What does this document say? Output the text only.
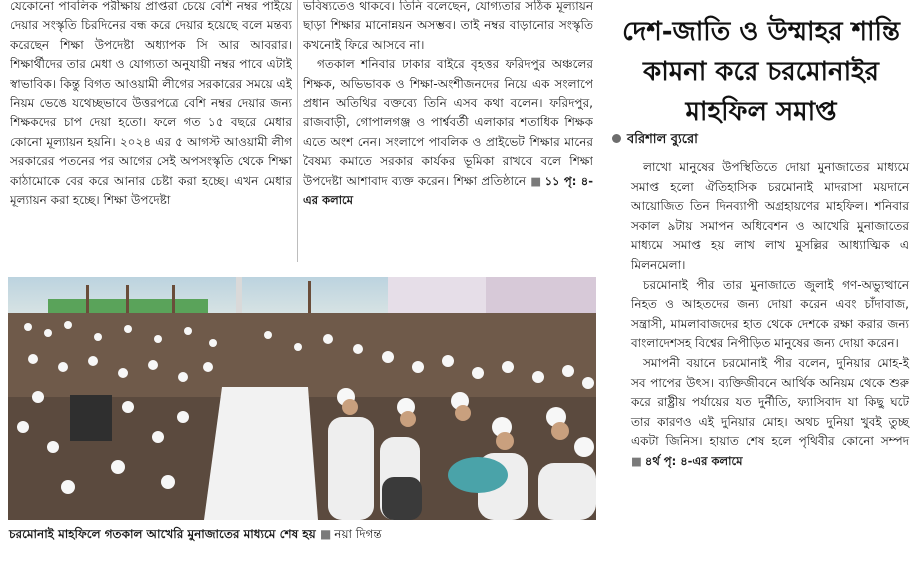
যেকোনো পাবলিক পরীক্ষায় প্রাপ্তরা চেয়ে বেশি নম্বর পাইয়ে দেয়ার সংস্কৃতি চিরদিনের বন্ধ করে দেয়ার হয়েছে বলে মন্তব্য করেছেন শিক্ষা উপদেষ্টা অধ্যাপক সি আর আবরার। শিক্ষার্থীদের তার মেধা ও যোগ্যতা অনুযায়ী নম্বর পাবে এটাই স্বাভাবিক। কিন্তু বিগত আওয়ামী লীগের সরকারের সময়ে এই নিয়ম ভেঙে যথেচ্ছভাবে উত্তরপত্রে বেশি নম্বর দেয়ার জন্য শিক্ষকদের চাপ দেয়া হতো। ফলে গত ১৫ বছরে মেধার কোনো মূল্যায়ন হয়নি। ২০২৪ এর ৫ আগস্ট আওয়ামী লীগ সরকারের পতনের পর আগের সেই অপসংস্কৃতি থেকে শিক্ষা কাঠামোকে বের করে আনার চেষ্টা করা হচ্ছে। এখন মেধার মূল্যায়ন করা হচ্ছে। শিক্ষা উপদেষ্টা

ভবিষ্যতেও থাকবে। তিনি বলেছেন, যোগ্যতার সঠিক মূল্যায়ন ছাড়া শিক্ষার মানোন্নয়ন অসম্ভব। তাই নম্বর বাড়ানোর সংস্কৃতি কখনোই ফিরে আসবে না।

গতকাল শনিবার ঢাকার বাইরে বৃহত্তর ফরিদপুর অঞ্চলের শিক্ষক, অভিভাবক ও শিক্ষা-অংশীজনদের নিয়ে এক সংলাপে প্রধান অতিথির বক্তব্যে তিনি এসব কথা বলেন। ফরিদপুর, রাজবাড়ী, গোপালগঞ্জ ও পার্শ্ববর্তী এলাকার শতাধিক শিক্ষক এতে অংশ নেন। সংলাপে পাবলিক ও প্রাইভেট শিক্ষার মানের বৈষম্য কমাতে সরকার কার্যকর ভূমিকা রাখবে বলে শিক্ষা উপদেষ্টা আশাবাদ ব্যক্ত করেন। শিক্ষা প্রতিষ্ঠানে ■ ১১ পৃ: ৪-এর কলামে

চরমোনাই মাহফিলে গতকাল আখেরি মুনাজাতের মাধ্যমে শেষ হয় ■ নয়া দিগন্ত
দেশ-জাতি ও উম্মাহর শান্তি
কামনা করে চরমোনাইর
মাহফিল সমাপ্ত
বরিশাল ব্যুরো

লাখো মানুষের উপস্থিতিতে দোয়া মুনাজাতের মাধ্যমে সমাপ্ত হলো ঐতিহাসিক চরমোনাই মাদরাসা ময়দানে আয়োজিত তিন দিনব্যাপী অগ্রহায়ণের মাহফিল। শনিবার সকাল ৯টায় সমাপন অধিবেশন ও আখেরি মুনাজাতের মাধ্যমে সমাপ্ত হয় লাখ লাখ মুসল্লির আধ্যাত্মিক এ মিলনমেলা।

চরমোনাই পীর তার মুনাজাতে জুলাই গণ-অভ্যুত্থানে নিহত ও আহতদের জন্য দোয়া করেন এবং চাঁদাবাজ, সন্ত্রাসী, মামলাবাজদের হাত থেকে দেশকে রক্ষা করার জন্য বাংলাদেশসহ বিশ্বের নিপীড়িত মানুষের জন্য দোয়া করেন।

সমাপনী বয়ানে চরমোনাই পীর বলেন, দুনিয়ার মোহ-ই সব পাপের উৎস। ব্যক্তিজীবনে আর্থিক অনিয়ম থেকে শুরু করে রাষ্ট্রীয় পর্যায়ের যত দুর্নীতি, ফ্যাসিবাদ যা কিছু ঘটে তার কারণও এই দুনিয়ার মোহ। অথচ দুনিয়া খুবই তুচ্ছ একটা জিনিস। হায়াত শেষ হলে পৃথিবীর কোনো সম্পদ ■ ৪র্থ পৃ: ৪-এর কলামে
